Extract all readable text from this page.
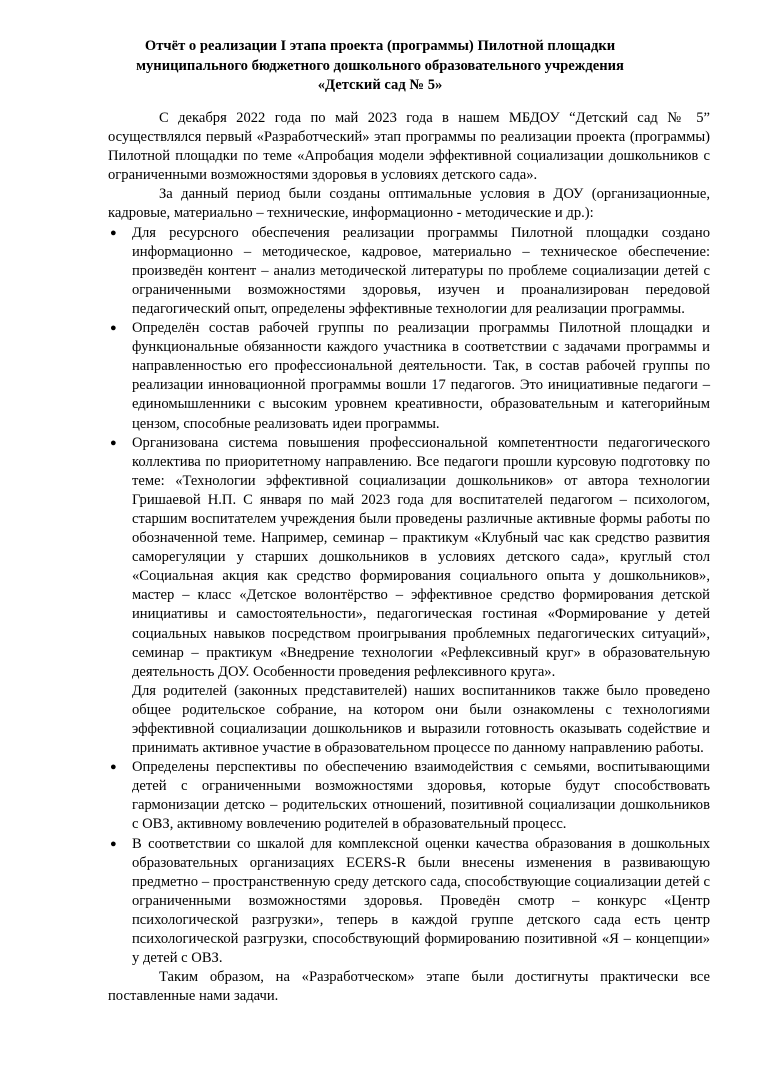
Отчёт о реализации I этапа проекта (программы) Пилотной площадки
муниципального бюджетного дошкольного образовательного учреждения
«Детский сад № 5»

С декабря 2022 года по май 2023 года в нашем МБДОУ “Детский сад № 5” осуществлялся первый «Разработческий» этап программы по реализации проекта (программы) Пилотной площадки по теме «Апробация модели эффективной социализации дошкольников с ограниченными возможностями здоровья в условиях детского сада».

За данный период были созданы оптимальные условия в ДОУ (организационные, кадровые, материально – технические, информационно - методические и др.):

● Для ресурсного обеспечения реализации программы Пилотной площадки создано информационно – методическое, кадровое, материально – техническое обеспечение: произведён контент – анализ методической литературы по проблеме социализации детей с ограниченными возможностями здоровья, изучен и проанализирован передовой педагогический опыт, определены эффективные технологии для реализации программы.
● Определён состав рабочей группы по реализации программы Пилотной площадки и функциональные обязанности каждого участника в соответствии с задачами программы и направленностью его профессиональной деятельности. Так, в состав рабочей группы по реализации инновационной программы вошли 17 педагогов. Это инициативные педагоги – единомышленники с высоким уровнем креативности, образовательным и категорийным цензом, способные реализовать идеи программы.
● Организована система повышения профессиональной компетентности педагогического коллектива по приоритетному направлению. Все педагоги прошли курсовую подготовку по теме: «Технологии эффективной социализации дошкольников» от автора технологии Гришаевой Н.П. С января по май 2023 года для воспитателей педагогом – психологом, старшим воспитателем учреждения были проведены различные активные формы работы по обозначенной теме. Например, семинар – практикум «Клубный час как средство развития саморегуляции у старших дошкольников в условиях детского сада», круглый стол «Социальная акция как средство формирования социального опыта у дошкольников», мастер – класс «Детское волонтёрство – эффективное средство формирования детской инициативы и самостоятельности», педагогическая гостиная «Формирование у детей социальных навыков посредством проигрывания проблемных педагогических ситуаций», семинар – практикум «Внедрение технологии «Рефлексивный круг» в образовательную деятельность ДОУ. Особенности проведения рефлексивного круга».

Для родителей (законных представителей) наших воспитанников также было проведено общее родительское собрание, на котором они были ознакомлены с технологиями эффективной социализации дошкольников и выразили готовность оказывать содействие и принимать активное участие в образовательном процессе по данному направлению работы.

● Определены перспективы по обеспечению взаимодействия с семьями, воспитывающими детей с ограниченными возможностями здоровья, которые будут способствовать гармонизации детско – родительских отношений, позитивной социализации дошкольников с ОВЗ, активному вовлечению родителей в образовательный процесс.
● В соответствии со шкалой для комплексной оценки качества образования в дошкольных образовательных организациях ECERS-R были внесены изменения в развивающую предметно – пространственную среду детского сада, способствующие социализации детей с ограниченными возможностями здоровья. Проведён смотр – конкурс «Центр психологической разгрузки», теперь в каждой группе детского сада есть центр психологической разгрузки, способствующий формированию позитивной «Я – концепции» у детей с ОВЗ.

Таким образом, на «Разработческом» этапе были достигнуты практически все поставленные нами задачи.
